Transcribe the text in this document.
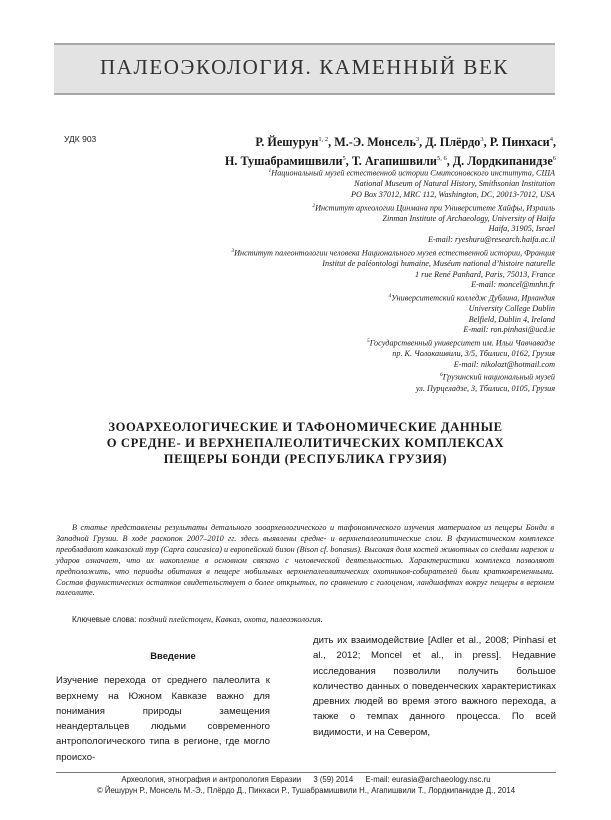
ПАЛЕОЭКОЛОГИЯ. КАМЕННЫЙ ВЕК
УДК 903	Р. Йешурун$^{1, 2}$, М.-Э. Монсель$^3$, Д. Плёрдо$^3$, Р. Пинхаси$^4$,
Н. Тушабрамишвили$^5$, Т. Агапишвили$^{5, 6}$, Д. Лордкипанидзе$^6$
$^1$Национальный музей естественной истории Смитсоновского института, США
National Museum of Natural History, Smithsonian Institution
PO Box 37012, MRC 112, Washington, DC, 20013-7012, USA
$^2$Институт археологии Цинмана при Университете Хайфы, Израиль
Zinman Institute of Archaeology, University of Haifa
Haifa, 31905, Israel
E-mail: ryeshuru@research.haifa.ac.il
$^3$Институт палеонтологии человека Национального музея естественной истории, Франция
Institut de paléontologi humaine, Muséum national d’histoire naturelle
1 rue René Panhard, Paris, 75013, France
E-mail: moncel@mnhn.fr
$^4$Университетский колледж Дублина, Ирландия
University College Dublin
Belfield, Dublin 4, Ireland
E-mail: ron.pinhasi@ucd.ie
$^5$Государственный университет им. Ильи Чавчавадзе
пр. К. Чолокашвили, 3/5, Тбилиси, 0162, Грузия
E-mail: nikolozt@hotmail.com
$^6$Грузинский национальный музей
ул. Пурцеладзе, 3, Тбилиси, 0105, Грузия
ЗООАРХЕОЛОГИЧЕСКИЕ И ТАФОНОМИЧЕСКИЕ ДАННЫЕ
О СРЕДНЕ- И ВЕРХНЕПАЛЕОЛИТИЧЕСКИХ КОМПЛЕКСАХ
ПЕЩЕРЫ БОНДИ (РЕСПУБЛИКА ГРУЗИЯ)
В статье представлены результаты детального зооархеологического и тафономического изучения материалов из пещеры Бонди в Западной Грузии. В ходе раскопок 2007–2010 гг. здесь выявлены средне- и верхнепалеолитические слои. В фаунистическом комплексе преобладают кавказский тур (Capra caucasica) и европейский бизон (Bison cf. bonasus). Высокая доля костей животных со следами нарезок и ударов означает, что их накопление в основном связано с человеческой деятельностью. Характеристики комплекса позволяют предположить, что периоды обитания в пещере мобильных верхнепалеолитических охотников-собирателей были кратковременными. Состав фаунистических остатков свидетельствует о более открытых, по сравнению с голоценом, ландшафтах вокруг пещеры в верхнем палеолите.
Ключевые слова: поздний плейстоцен, Кавказ, охота, палеоэкология.
Введение
Изучение перехода от среднего палеолита к верхнему на Южном Кавказе важно для понимания природы замещения неандертальцев людьми современного антропологического типа в регионе, где могло происхо-
дить их взаимодействие [Adler et al., 2008; Pinhasi et al., 2012; Moncel et al., in press]. Недавние исследования позволили получить большое количество данных о поведенческих характеристиках древних людей во время этого важного перехода, а также о темпах данного процесса. По всей видимости, и на Севером,
Археология, этнография и антропология Евразии 3 (59) 2014 E-mail: eurasia@archaeology.nsc.ru
© Йешурун Р., Монсель М.-Э., Плёрдо Д., Пинхаси Р., Тушабрамишвили Н., Агапишвили Т., Лордкипанидзе Д., 2014
